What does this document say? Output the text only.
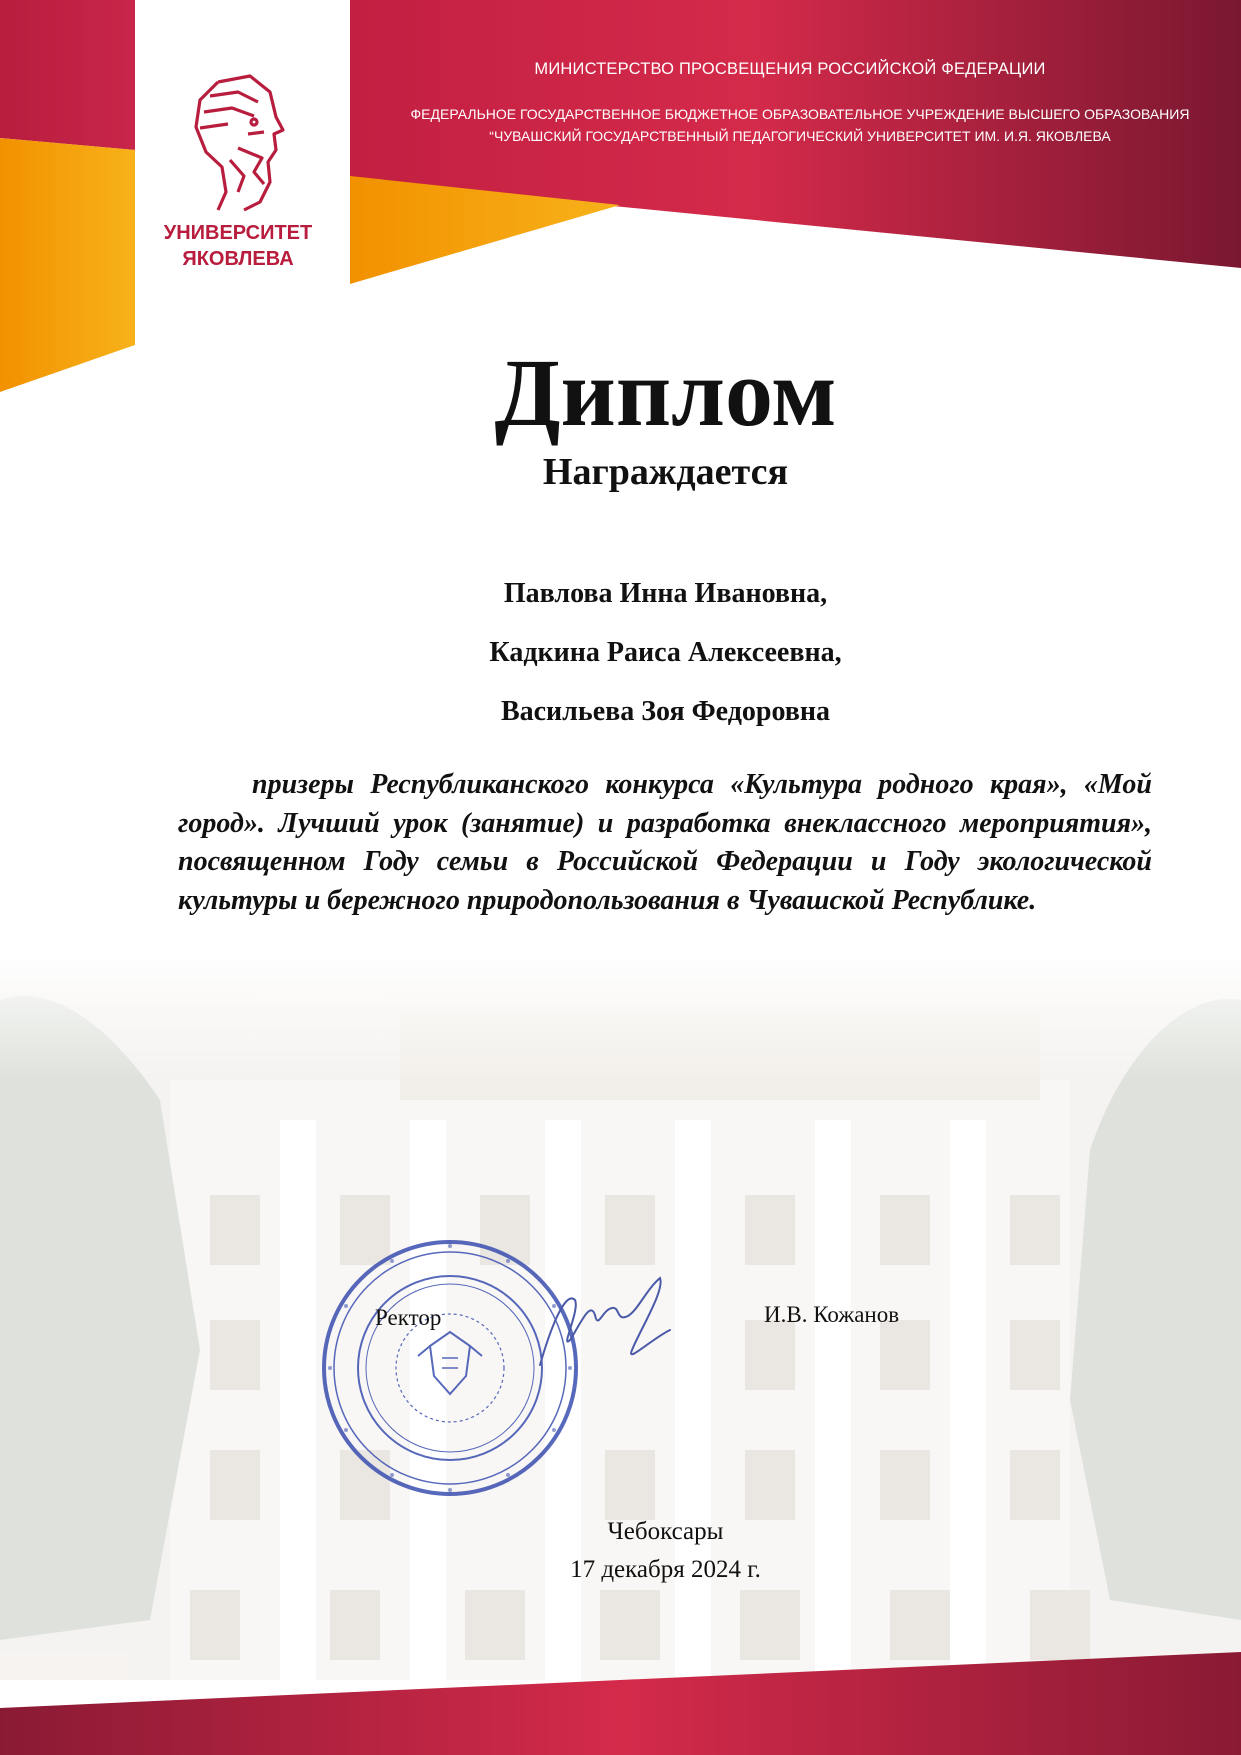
УНИВЕРСИТЕТ
ЯКОВЛЕВА
МИНИСТЕРСТВО ПРОСВЕЩЕНИЯ РОССИЙСКОЙ ФЕДЕРАЦИИ
ФЕДЕРАЛЬНОЕ ГОСУДАРСТВЕННОЕ БЮДЖЕТНОЕ ОБРАЗОВАТЕЛЬНОЕ УЧРЕЖДЕНИЕ ВЫСШЕГО ОБРАЗОВАНИЯ
“ЧУВАШСКИЙ ГОСУДАРСТВЕННЫЙ ПЕДАГОГИЧЕСКИЙ УНИВЕРСИТЕТ ИМ. И.Я. ЯКОВЛЕВА
Диплом
Награждается
Павлова Инна Ивановна,
Кадкина Раиса Алексеевна,
Васильева Зоя Федоровна
призеры Республиканского конкурса «Культура родного края», «Мой город». Лучший урок (занятие) и разработка внеклассного мероприятия», посвященном Году семьи в Российской Федерации и Году экологической культуры и бережного природопользования в Чувашской Республике.
Ректор	И.В. Кожанов
Чебоксары
17 декабря 2024 г.
